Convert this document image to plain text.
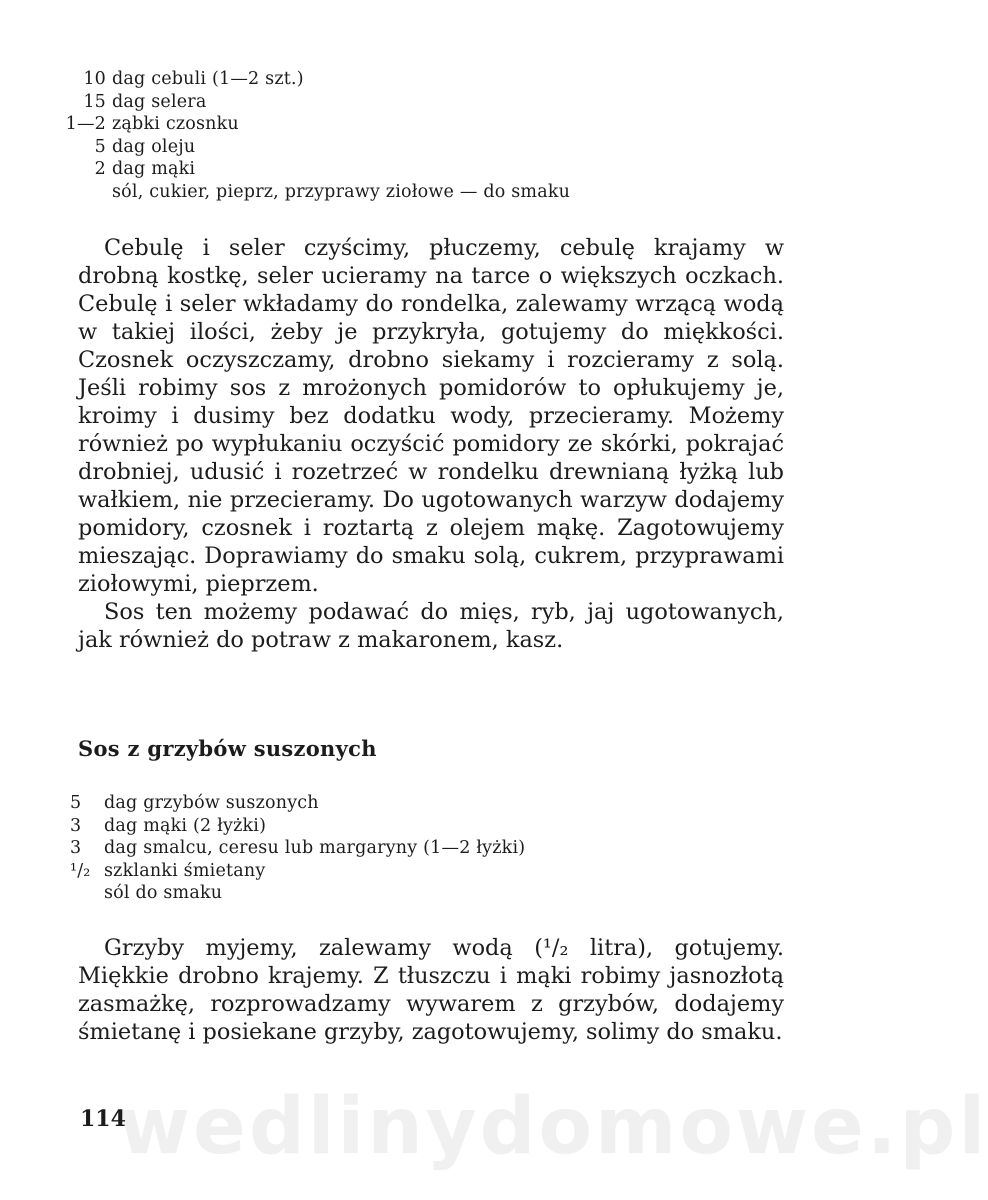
wedlinydomowe.pl
10 dag cebuli (1—2 szt.)
15 dag selera
1—2 ząbki czosnku
5 dag oleju
2 dag mąki
sól, cukier, pieprz, przyprawy ziołowe — do smaku

Cebulę i seler czyścimy, płuczemy, cebulę krajamy w drobną kostkę, seler ucieramy na tarce o większych oczkach. Cebulę i seler wkładamy do rondelka, zalewamy wrzącą wodą w takiej ilości, żeby je przykryła, gotujemy do miękkości. Czosnek oczyszczamy, drobno siekamy i rozcieramy z solą. Jeśli robimy sos z mrożonych pomidorów to opłukujemy je, kroimy i dusimy bez dodatku wody, przecieramy. Możemy również po wypłukaniu oczyścić pomidory ze skórki, pokrajać drobniej, udusić i rozetrzeć w rondelku drewnianą łyżką lub wałkiem, nie przecieramy. Do ugotowanych warzyw dodajemy pomidory, czosnek i roztartą z olejem mąkę. Zagotowujemy mieszając. Doprawiamy do smaku solą, cukrem, przyprawami ziołowymi, pieprzem.

Sos ten możemy podawać do mięs, ryb, jaj ugotowanych, jak również do potraw z makaronem, kasz.

Sos z grzybów suszonych
5	dag grzybów suszonych
3	dag mąki (2 łyżki)
3	dag smalcu, ceresu lub margaryny (1—2 łyżki)
¹/₂ szklanki śmietany
sól do smaku

Grzyby myjemy, zalewamy wodą (¹/₂ litra), gotujemy. Miękkie drobno krajemy. Z tłuszczu i mąki robimy jasnozłotą zasmażkę, rozprowadzamy wywarem z grzybów, dodajemy śmietanę i posiekane grzyby, zagotowujemy, solimy do smaku.

114
